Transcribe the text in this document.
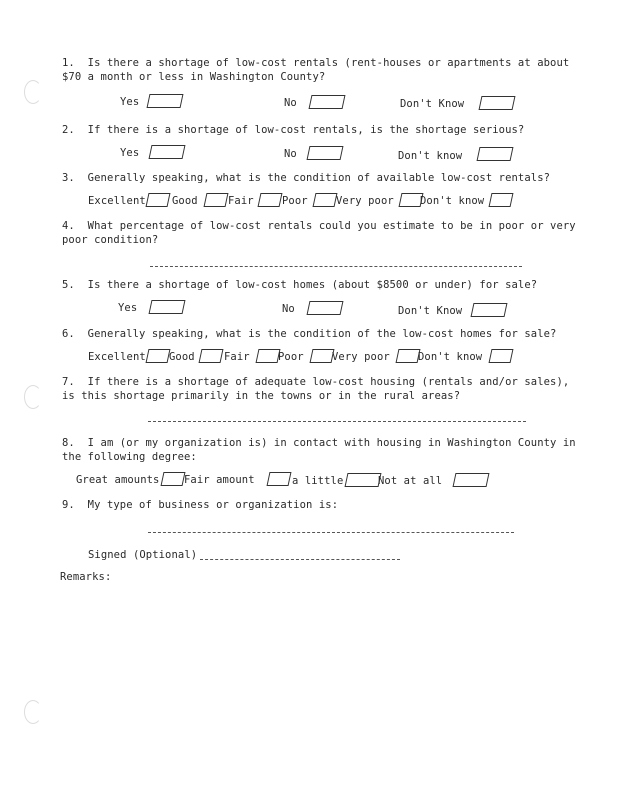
1.  Is there a shortage of low-cost rentals (rent-houses or apartments at about
$70 a month or less in Washington County?
Yes	No	Don't Know
2.  If there is a shortage of low-cost rentals, is the shortage serious?
Yes	No	Don't know
3.  Generally speaking, what is the condition of available low-cost rentals?
Excellent Good	Fair	Poor	Very poor Don't know
4.  What percentage of low-cost rentals could you estimate to be in poor or very
poor condition?
5.  Is there a shortage of low-cost homes (about $8500 or under) for sale?
Yes	No	Don't Know
6.  Generally speaking, what is the condition of the low-cost homes for sale?
Excellent Good	Fair	Poor	Very poor	Don't know
7.  If there is a shortage of adequate low-cost housing (rentals and/or sales),
is this shortage primarily in the towns or in the rural areas?
8.  I am (or my organization is) in contact with housing in Washington County in
the following degree:
Great amounts Fair amount	a little	Not at all
9.  My type of business or organization is:
Signed (Optional)
Remarks:
